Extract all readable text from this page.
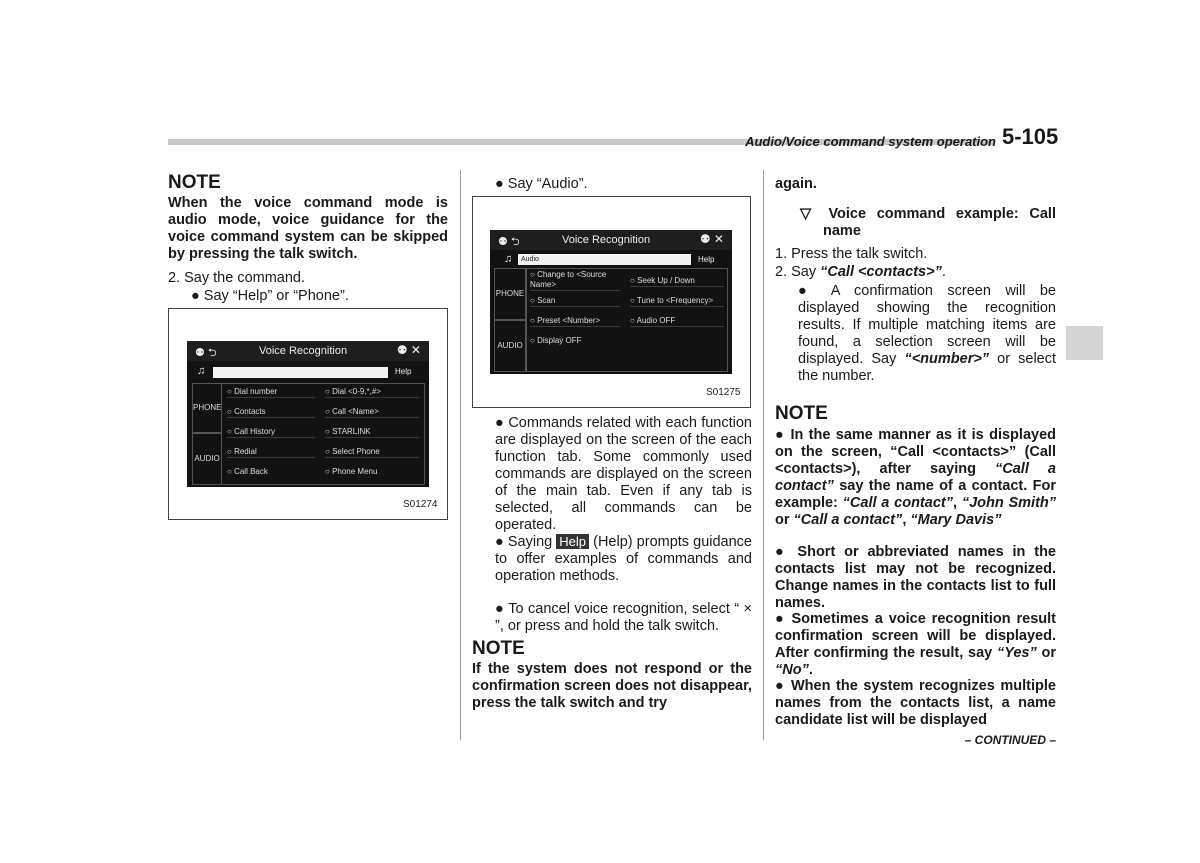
Audio/Voice command system operation 5-105
NOTE
When the voice command mode is audio mode, voice guidance for the voice command system can be skipped by pressing the talk switch.
2. Say the command.
● Say “Help” or “Phone”.
⚉ ⮌	Voice Recognition	⚉ ✕
♫	Help
PHONE
AUDIO
○ Dial number	○ Dial <0-9,*,#>
○ Contacts	○ Call <Name>
○ Call History	○ STARLINK
○ Redial	○ Select Phone
○ Call Back	○ Phone Menu
S01274
● Say “Audio”.
⚉ ⮌	Voice Recognition	⚉ ✕
♫	Audio	Help
PHONE
AUDIO
○ Change to <Source Name>	○ Seek Up / Down
○ Scan	○ Tune to <Frequency>
○ Preset <Number>	○ Audio OFF
○ Display OFF
S01275
● Commands related with each function are displayed on the screen of the each function tab. Some commonly used commands are displayed on the screen of the main tab. Even if any tab is selected, all commands can be operated.
● Saying Help (Help) prompts guidance to offer examples of commands and operation methods.
● To cancel voice recognition, select “ × ”, or press and hold the talk switch.
NOTE
If the system does not respond or the confirmation screen does not disappear, press the talk switch and try
again.
▽ Voice command example: Call name
1. Press the talk switch.
2. Say “Call <contacts>”.
● A confirmation screen will be displayed showing the recognition results. If multiple matching items are found, a selection screen will be displayed. Say “<number>” or select the number.
NOTE
● In the same manner as it is displayed on the screen, “Call <contacts>” (Call <contacts>), after saying “Call a contact” say the name of a contact. For example: “Call a contact”, “John Smith” or “Call a contact”, “Mary Davis”
● Short or abbreviated names in the contacts list may not be recognized. Change names in the contacts list to full names.
● Sometimes a voice recognition result confirmation screen will be displayed. After confirming the result, say “Yes” or “No”.
● When the system recognizes multiple names from the contacts list, a name candidate list will be displayed
– CONTINUED –
